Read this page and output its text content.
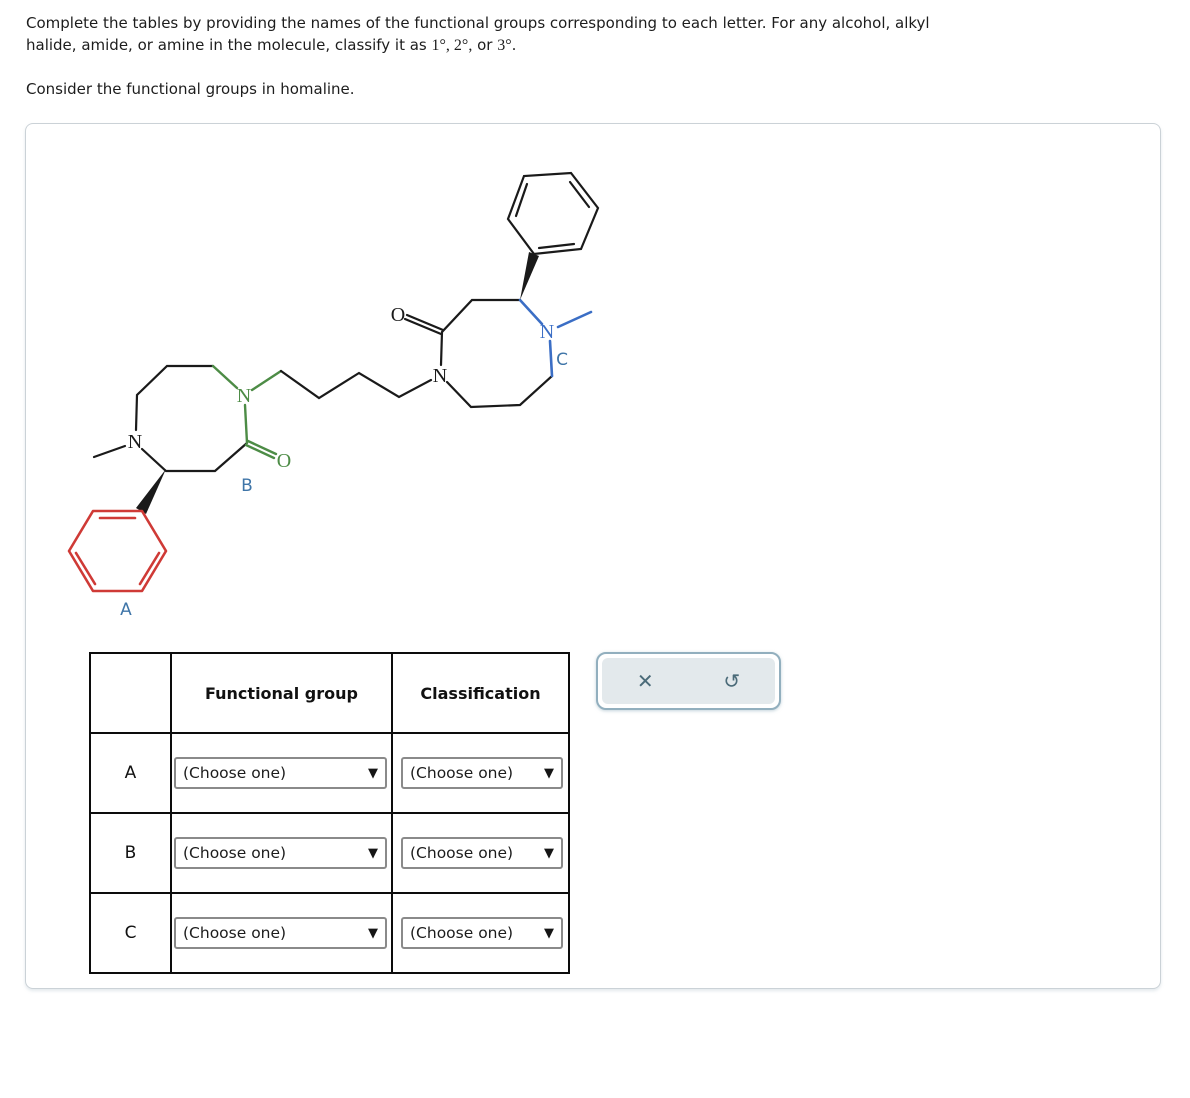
Complete the tables by providing the names of the functional groups corresponding to each letter. For any alcohol, alkyl
halide, amide, or amine in the molecule, classify it as 1°, 2°, or 3°.

Consider the functional groups in homaline.

N
N
O
N
O
N
A
B
C
	Functional group	Classification
A	(Choose one) ▼	(Choose one) ▼

B	(Choose one) ▼	(Choose one) ▼

C	(Choose one) ▼	(Choose one) ▼
✕	↺
